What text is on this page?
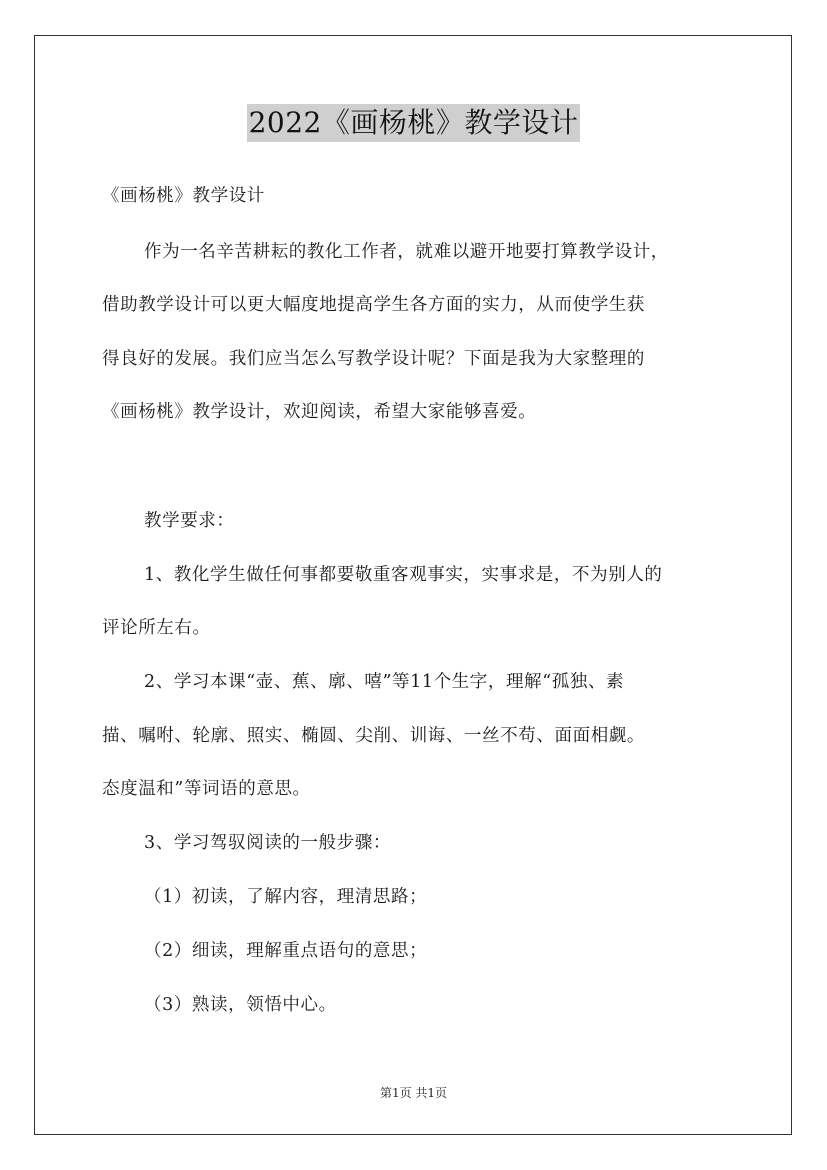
2022《画杨桃》教学设计
《画杨桃》教学设计
作为一名辛苦耕耘的教化工作者，就难以避开地要打算教学设计，
借助教学设计可以更大幅度地提高学生各方面的实力，从而使学生获
得良好的发展。我们应当怎么写教学设计呢？下面是我为大家整理的
《画杨桃》教学设计，欢迎阅读，希望大家能够喜爱。
教学要求：
1、教化学生做任何事都要敬重客观事实，实事求是，不为别人的
评论所左右。
2、学习本课“壶、蕉、廓、嘻”等11个生字，理解“孤独、素
描、嘱咐、轮廓、照实、椭圆、尖削、训诲、一丝不苟、面面相觑。
态度温和”等词语的意思。
3、学习驾驭阅读的一般步骤：
（1）初读，了解内容，理清思路；
（2）细读，理解重点语句的意思；
（3）熟读，领悟中心。
第1页 共1页
